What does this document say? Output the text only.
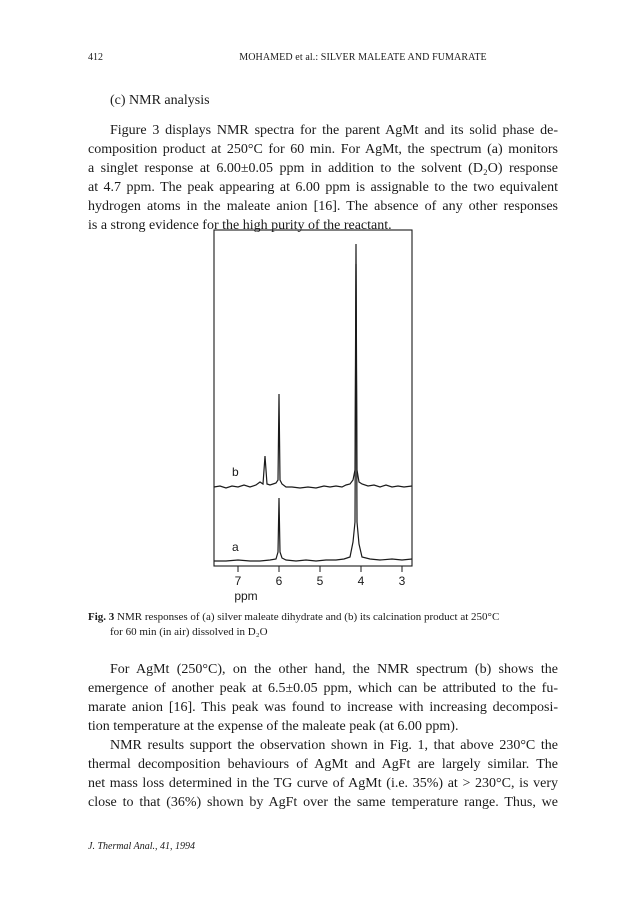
412	MOHAMED et al.: SILVER MALEATE AND FUMARATE
(c) NMR analysis
Figure 3 displays NMR spectra for the parent AgMt and its solid phase de-
composition product at 250°C for 60 min. For AgMt, the spectrum (a) monitors
a singlet response at 6.00±0.05 ppm in addition to the solvent (D₂O) response
at 4.7 ppm. The peak appearing at 6.00 ppm is assignable to the two equivalent
hydrogen atoms in the maleate anion [16]. The absence of any other responses
is a strong evidence for the high purity of the reactant.
b
a
7	6	5	4	3
ppm
Fig. 3 NMR responses of (a) silver maleate dihydrate and (b) its calcination product at 250°C
for 60 min (in air) dissolved in D₂O
For AgMt (250°C), on the other hand, the NMR spectrum (b) shows the
emergence of another peak at 6.5±0.05 ppm, which can be attributed to the fu-
marate anion [16]. This peak was found to increase with increasing decomposi-
tion temperature at the expense of the maleate peak (at 6.00 ppm).
NMR results support the observation shown in Fig. 1, that above 230°C the
thermal decomposition behaviours of AgMt and AgFt are largely similar. The
net mass loss determined in the TG curve of AgMt (i.e. 35%) at > 230°C, is very
close to that (36%) shown by AgFt over the same temperature range. Thus, we
J. Thermal Anal., 41, 1994
